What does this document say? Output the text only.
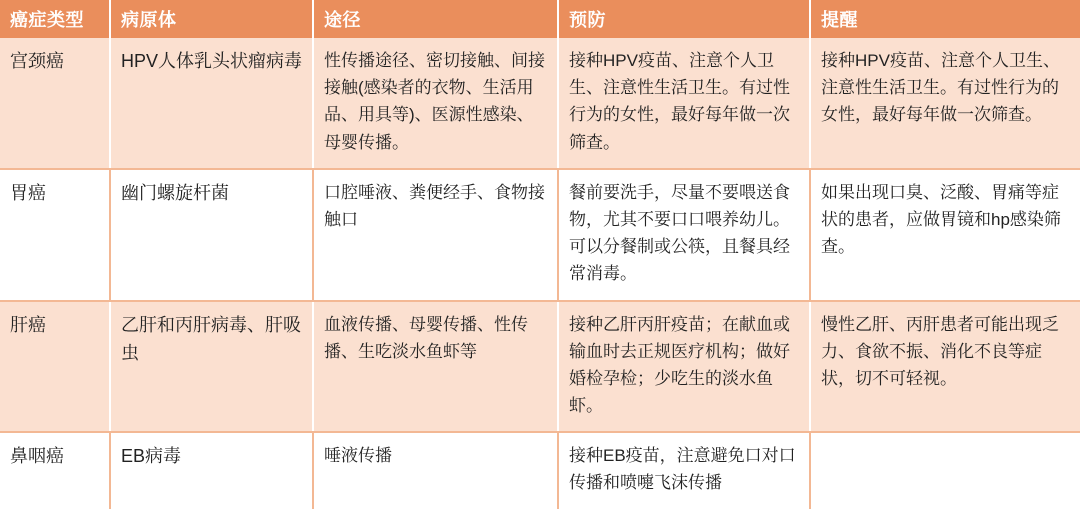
癌症类型	病原体	途径	预防	提醒
宫颈癌	HPV人体乳头状瘤病毒	性传播途径、密切接触、间接接触(感染者的衣物、生活用品、用具等)、医源性感染、母婴传播。	接种HPV疫苗、注意个人卫生、注意性生活卫生。有过性行为的女性，最好每年做一次筛查。	接种HPV疫苗、注意个人卫生、注意性生活卫生。有过性行为的女性，最好每年做一次筛查。
胃癌	幽门螺旋杆菌	口腔唾液、粪便经手、食物接触口	餐前要洗手，尽量不要喂送食物，尤其不要口口喂养幼儿。可以分餐制或公筷，且餐具经常消毒。	如果出现口臭、泛酸、胃痛等症状的患者，应做胃镜和hp感染筛查。
肝癌	乙肝和丙肝病毒、肝吸虫	血液传播、母婴传播、性传播、生吃淡水鱼虾等	接种乙肝丙肝疫苗；在献血或输血时去正规医疗机构；做好婚检孕检；少吃生的淡水鱼虾。	慢性乙肝、丙肝患者可能出现乏力、食欲不振、消化不良等症状，切不可轻视。
鼻咽癌	EB病毒	唾液传播	接种EB疫苗，注意避免口对口传播和喷嚏飞沫传播	
